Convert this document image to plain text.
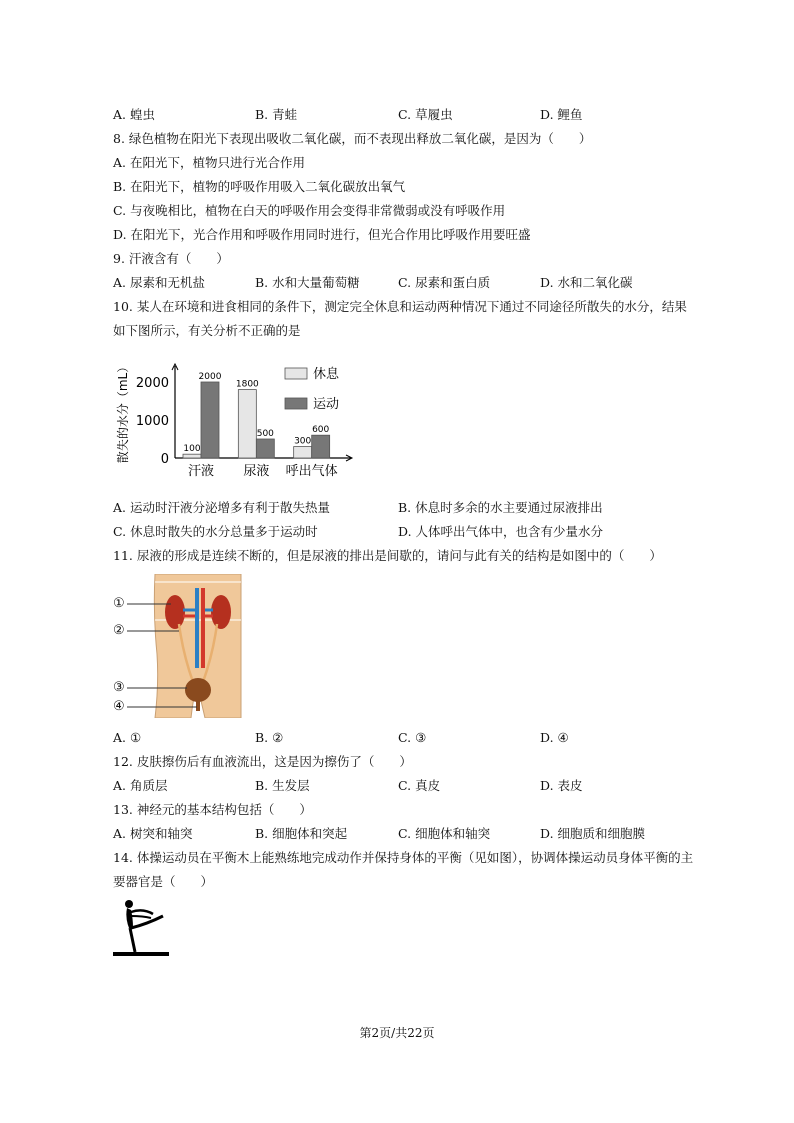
A. 蝗虫	B. 青蛙	C. 草履虫	D. 鲤鱼
8. 绿色植物在阳光下表现出吸收二氧化碳，而不表现出释放二氧化碳，是因为（　　）
A. 在阳光下，植物只进行光合作用
B. 在阳光下，植物的呼吸作用吸入二氧化碳放出氧气
C. 与夜晚相比，植物在白天的呼吸作用会变得非常微弱或没有呼吸作用
D. 在阳光下，光合作用和呼吸作用同时进行，但光合作用比呼吸作用要旺盛
9. 汗液含有（　　）
A. 尿素和无机盐	B. 水和大量葡萄糖	C. 尿素和蛋白质	D. 水和二氧化碳
10. 某人在环境和进食相同的条件下，测定完全休息和运动两种情况下通过不同途径所散失的水分，结果
如下图所示，有关分析不正确的是
2000
1000
0
散失的水分（mL）	100
2000
汗液
1800
500
尿液
300
600
呼出气体
休息
运动
A. 运动时汗液分泌增多有利于散失热量	B. 休息时多余的水主要通过尿液排出
C. 休息时散失的水分总量多于运动时	D. 人体呼出气体中，也含有少量水分
11. 尿液的形成是连续不断的，但是尿液的排出是间歇的，请问与此有关的结构是如图中的（　　）
①
②
③
④
A. ①	B. ②	C. ③	D. ④
12. 皮肤擦伤后有血液流出，这是因为擦伤了（　　）
A. 角质层	B. 生发层	C. 真皮	D. 表皮
13. 神经元的基本结构包括（　　）
A. 树突和轴突	B. 细胞体和突起	C. 细胞体和轴突	D. 细胞质和细胞膜
14. 体操运动员在平衡木上能熟练地完成动作并保持身体的平衡（见如图），协调体操运动员身体平衡的主
要器官是（　　）
第2页/共22页
